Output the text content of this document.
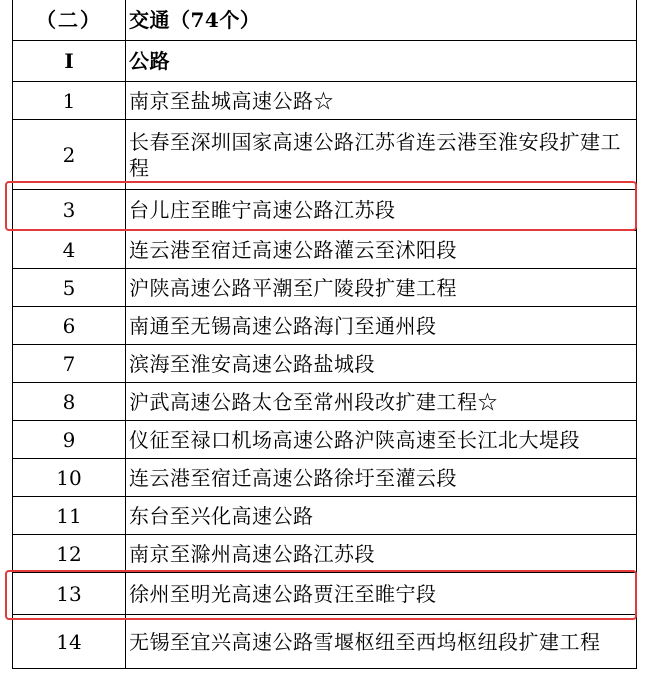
（二）	交通（74个）
I	公路
1	南京至盐城高速公路☆
2	长春至深圳国家高速公路江苏省连云港至淮安段扩建工程
3	台儿庄至睢宁高速公路江苏段
4	连云港至宿迁高速公路灌云至沭阳段
5	沪陕高速公路平潮至广陵段扩建工程
6	南通至无锡高速公路海门至通州段
7	滨海至淮安高速公路盐城段
8	沪武高速公路太仓至常州段改扩建工程☆
9	仪征至禄口机场高速公路沪陕高速至长江北大堤段
10	连云港至宿迁高速公路徐圩至灌云段
11	东台至兴化高速公路
12	南京至滁州高速公路江苏段
13	徐州至明光高速公路贾汪至睢宁段
14	无锡至宜兴高速公路雪堰枢纽至西坞枢纽段扩建工程
